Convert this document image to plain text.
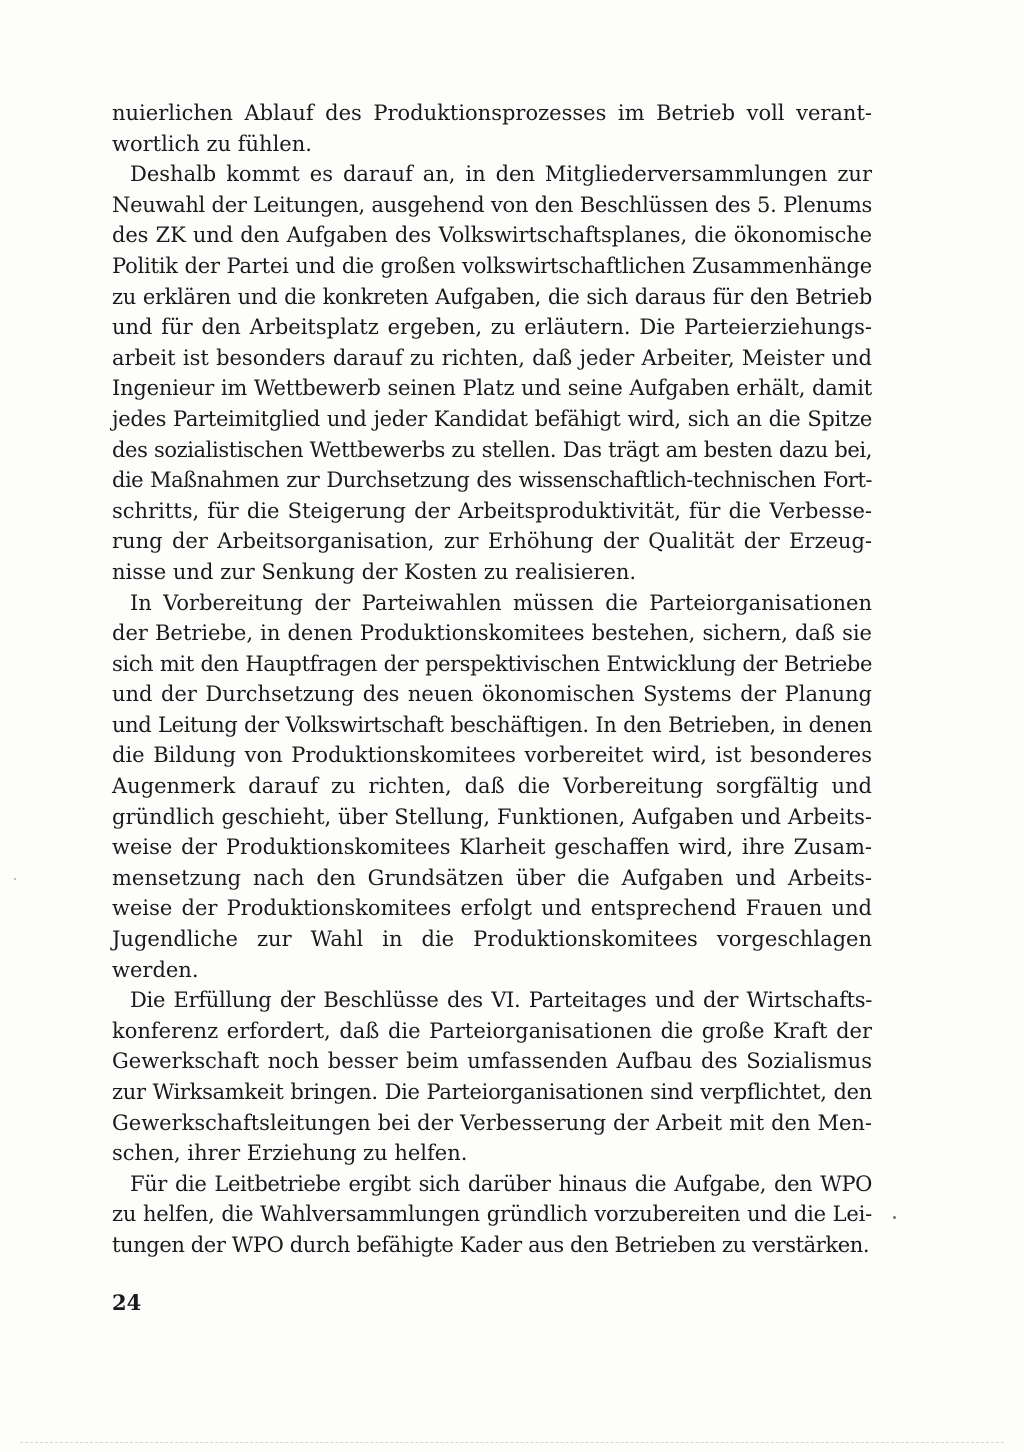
nuierlichen Ablauf des Produktionsprozesses im Betrieb voll verant-
wortlich zu fühlen.
Deshalb kommt es darauf an, in den Mitgliederversammlungen zur
Neuwahl der Leitungen, ausgehend von den Beschlüssen des 5. Plenums
des ZK und den Aufgaben des Volkswirtschaftsplanes, die ökonomische
Politik der Partei und die großen volkswirtschaftlichen Zusammenhänge
zu erklären und die konkreten Aufgaben, die sich daraus für den Betrieb
und für den Arbeitsplatz ergeben, zu erläutern. Die Parteierziehungs-
arbeit ist besonders darauf zu richten, daß jeder Arbeiter, Meister und
Ingenieur im Wettbewerb seinen Platz und seine Aufgaben erhält, damit
jedes Parteimitglied und jeder Kandidat befähigt wird, sich an die Spitze
des sozialistischen Wettbewerbs zu stellen. Das trägt am besten dazu bei,
die Maßnahmen zur Durchsetzung des wissenschaftlich-technischen Fort-
schritts, für die Steigerung der Arbeitsproduktivität, für die Verbesse-
rung der Arbeitsorganisation, zur Erhöhung der Qualität der Erzeug-
nisse und zur Senkung der Kosten zu realisieren.
In Vorbereitung der Parteiwahlen müssen die Parteiorganisationen
der Betriebe, in denen Produktionskomitees bestehen, sichern, daß sie
sich mit den Hauptfragen der perspektivischen Entwicklung der Betriebe
und der Durchsetzung des neuen ökonomischen Systems der Planung
und Leitung der Volkswirtschaft beschäftigen. In den Betrieben, in denen
die Bildung von Produktionskomitees vorbereitet wird, ist besonderes
Augenmerk darauf zu richten, daß die Vorbereitung sorgfältig und
gründlich geschieht, über Stellung, Funktionen, Aufgaben und Arbeits-
weise der Produktionskomitees Klarheit geschaffen wird, ihre Zusam-
mensetzung nach den Grundsätzen über die Aufgaben und Arbeits-
weise der Produktionskomitees erfolgt und entsprechend Frauen und
Jugendliche zur Wahl in die Produktionskomitees vorgeschlagen
werden.
Die Erfüllung der Beschlüsse des VI. Parteitages und der Wirtschafts-
konferenz erfordert, daß die Parteiorganisationen die große Kraft der
Gewerkschaft noch besser beim umfassenden Aufbau des Sozialismus
zur Wirksamkeit bringen. Die Parteiorganisationen sind verpflichtet, den
Gewerkschaftsleitungen bei der Verbesserung der Arbeit mit den Men-
schen, ihrer Erziehung zu helfen.
Für die Leitbetriebe ergibt sich darüber hinaus die Aufgabe, den WPO
zu helfen, die Wahlversammlungen gründlich vorzubereiten und die Lei-
tungen der WPO durch befähigte Kader aus den Betrieben zu verstärken.
24
